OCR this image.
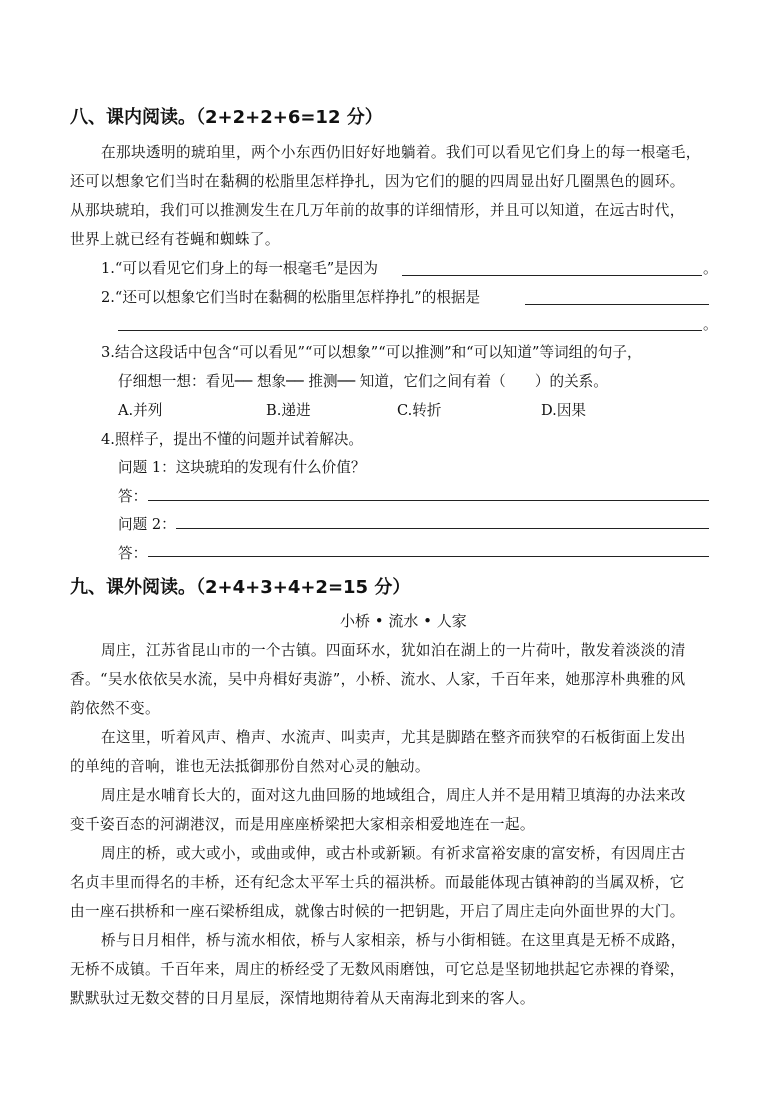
八、课内阅读。（2+2+2+6=12 分）
在那块透明的琥珀里，两个小东西仍旧好好地躺着。我们可以看见它们身上的每一根毫毛，
还可以想象它们当时在黏稠的松脂里怎样挣扎，因为它们的腿的四周显出好几圈黑色的圆环。
从那块琥珀，我们可以推测发生在几万年前的故事的详细情形，并且可以知道，在远古时代，
世界上就已经有苍蝇和蜘蛛了。
1.“可以看见它们身上的每一根毫毛”是因为	。
2.“还可以想象它们当时在黏稠的松脂里怎样挣扎”的根据是
。
3.结合这段话中包含“可以看见”“可以想象”“可以推测”和“可以知道”等词组的句子，
仔细想一想：看见── 想象── 推测── 知道，它们之间有着（　　）的关系。
A.并列	B.递进	C.转折	D.因果
4.照样子，提出不懂的问题并试着解决。
问题 1：这块琥珀的发现有什么价值？
答：
问题 2：
答：
九、课外阅读。（2+4+3+4+2=15 分）
小桥 • 流水 • 人家
周庄，江苏省昆山市的一个古镇。四面环水，犹如泊在湖上的一片荷叶，散发着淡淡的清
香。“吴水依依吴水流，吴中舟楫好夷游”，小桥、流水、人家，千百年来，她那淳朴典雅的风
韵依然不变。
在这里，听着风声、橹声、水流声、叫卖声，尤其是脚踏在整齐而狭窄的石板街面上发出
的单纯的音响，谁也无法抵御那份自然对心灵的触动。
周庄是水哺育长大的，面对这九曲回肠的地域组合，周庄人并不是用精卫填海的办法来改
变千姿百态的河湖港汊，而是用座座桥梁把大家相亲相爱地连在一起。
周庄的桥，或大或小，或曲或伸，或古朴或新颖。有祈求富裕安康的富安桥，有因周庄古
名贞丰里而得名的丰桥，还有纪念太平军士兵的福洪桥。而最能体现古镇神韵的当属双桥，它
由一座石拱桥和一座石梁桥组成，就像古时候的一把钥匙，开启了周庄走向外面世界的大门。
桥与日月相伴，桥与流水相依，桥与人家相亲，桥与小街相链。在这里真是无桥不成路，
无桥不成镇。千百年来，周庄的桥经受了无数风雨磨蚀，可它总是坚韧地拱起它赤裸的脊梁，
默默驮过无数交替的日月星辰，深情地期待着从天南海北到来的客人。
